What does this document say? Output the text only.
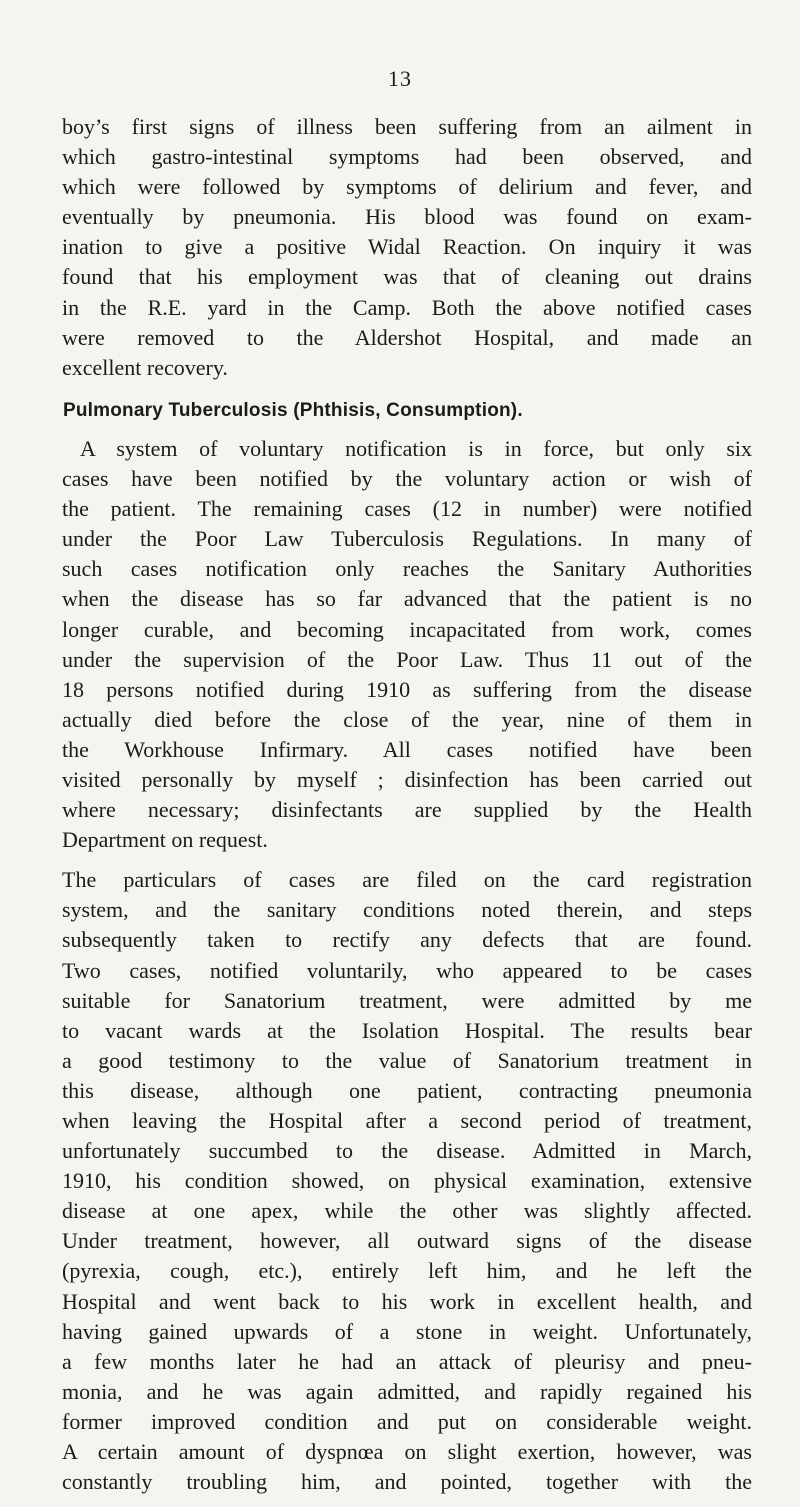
13
boy’s first signs of illness been suffering from an ailment in
which gastro-intestinal symptoms had been observed, and
which were followed by symptoms of delirium and fever, and
eventually by pneumonia. His blood was found on exam-
ination to give a positive Widal Reaction. On inquiry it was
found that his employment was that of cleaning out drains
in the R.E. yard in the Camp. Both the above notified cases
were removed to the Aldershot Hospital, and made an
excellent recovery.
Pulmonary Tuberculosis (Phthisis, Consumption).
A system of voluntary notification is in force, but only six
cases have been notified by the voluntary action or wish of
the patient. The remaining cases (12 in number) were notified
under the Poor Law Tuberculosis Regulations. In many of
such cases notification only reaches the Sanitary Authorities
when the disease has so far advanced that the patient is no
longer curable, and becoming incapacitated from work, comes
under the supervision of the Poor Law. Thus 11 out of the
18 persons notified during 1910 as suffering from the disease
actually died before the close of the year, nine of them in
the Workhouse Infirmary. All cases notified have been
visited personally by myself ; disinfection has been carried out
where necessary; disinfectants are supplied by the Health
Department on request.
The particulars of cases are filed on the card registration
system, and the sanitary conditions noted therein, and steps
subsequently taken to rectify any defects that are found.
Two cases, notified voluntarily, who appeared to be cases
suitable for Sanatorium treatment, were admitted by me
to vacant wards at the Isolation Hospital. The results bear
a good testimony to the value of Sanatorium treatment in
this disease, although one patient, contracting pneumonia
when leaving the Hospital after a second period of treatment,
unfortunately succumbed to the disease. Admitted in March,
1910, his condition showed, on physical examination, extensive
disease at one apex, while the other was slightly affected.
Under treatment, however, all outward signs of the disease
(pyrexia, cough, etc.), entirely left him, and he left the
Hospital and went back to his work in excellent health, and
having gained upwards of a stone in weight. Unfortunately,
a few months later he had an attack of pleurisy and pneu-
monia, and he was again admitted, and rapidly regained his
former improved condition and put on considerable weight.
A certain amount of dyspnœa on slight exertion, however, was
constantly troubling him, and pointed, together with the
